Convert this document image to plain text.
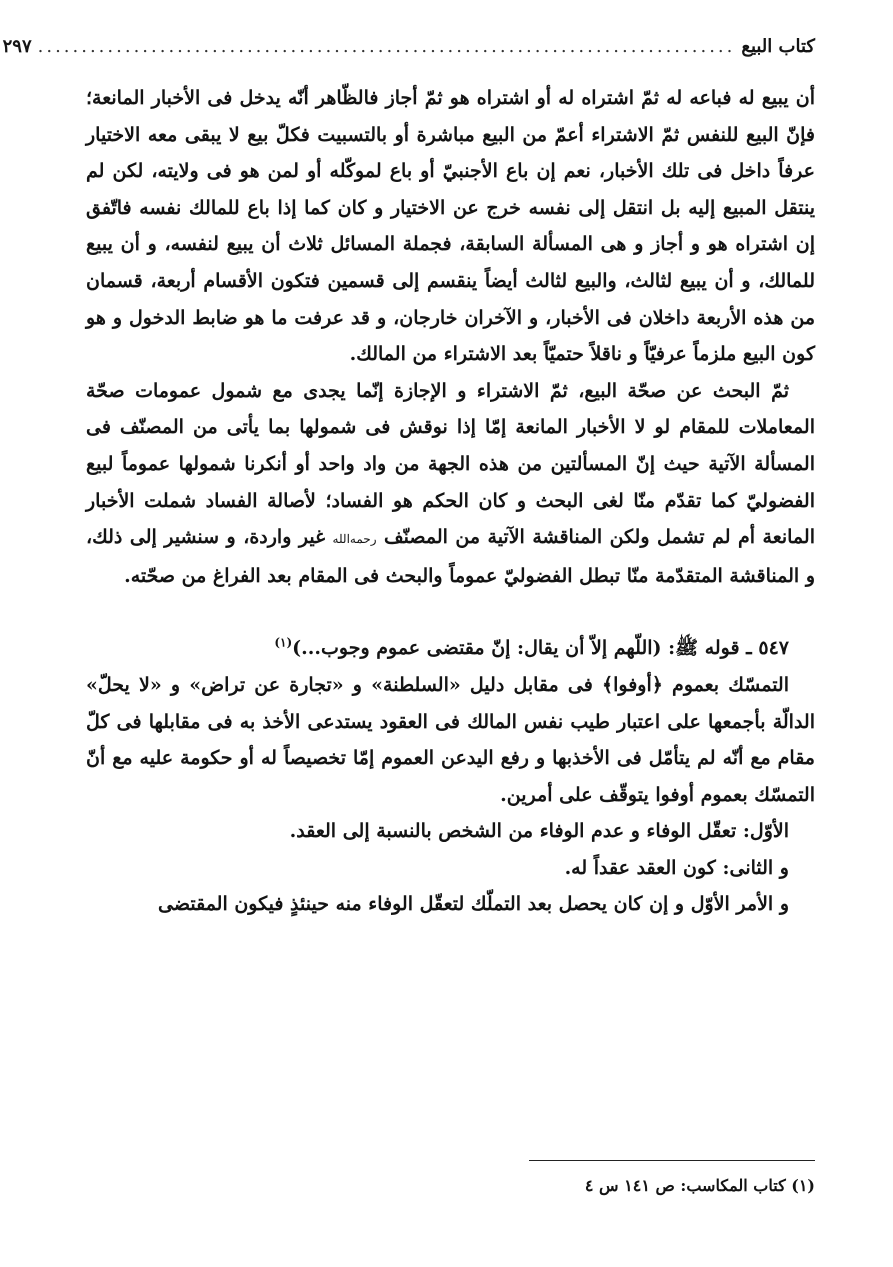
كتاب البيع
................................................................................
٢٩٧

أن يبيع له فباعه له ثمّ اشتراه له أو اشتراه هو ثمّ أجاز فالظّاهر أنّه يدخل فى الأخبار المانعة؛ فإنّ البيع للنفس ثمّ الاشتراء أعمّ من البيع مباشرة أو بالتسبيت فكلّ بيع لا يبقى معه الاختيار عرفاً داخل فى تلك الأخبار، نعم إن باع الأجنبيّ أو باع لموكّله أو لمن هو فى ولايته، لكن لم ينتقل المبيع إليه بل انتقل إلى نفسه خرج عن الاختيار و كان كما إذا باع للمالك نفسه فاتّفق إن اشتراه هو و أجاز و هى المسألة السابقة، فجملة المسائل ثلاث أن يبيع لنفسه، و أن يبيع للمالك، و أن يبيع لثالث، والبيع لثالث أيضاً ينقسم إلى قسمين فتكون الأقسام أربعة، قسمان من هذه الأربعة داخلان فى الأخبار، و الآخران خارجان، و قد عرفت ما هو ضابط الدخول و هو كون البيع ملزماً عرفيّاً و ناقلاً حتميّاً بعد الاشتراء من المالك.

ثمّ البحث عن صحّة البيع، ثمّ الاشتراء و الإجازة إنّما يجدى مع شمول عمومات صحّة المعاملات للمقام لو لا الأخبار المانعة إمّا إذا نوقش فى شمولها بما يأتى من المصنّف فى المسألة الآتية حيث إنّ المسألتين من هذه الجهة من واد واحد أو أنكرنا شمولها عموماً لبيع الفضوليّ كما تقدّم منّا لغى البحث و كان الحكم هو الفساد؛ لأصالة الفساد شملت الأخبار المانعة أم لم تشمل ولكن المناقشة الآتية من المصنّف رحمه‌الله غير واردة، و سنشير إلى ذلك، و المناقشة المتقدّمة منّا تبطل الفضوليّ عموماً والبحث فى المقام بعد الفراغ من صحّته.

٥٤٧ ـ قوله ﷺ: (اللّهم إلاّ أن يقال: إنّ مقتضى عموم وجوب...)$^{(١)}$

التمسّك بعموم ﴿أوفوا﴾ فى مقابل دليل «السلطنة» و «تجارة عن تراض» و «لا يحلّ» الدالّة بأجمعها على اعتبار طيب نفس المالك فى العقود يستدعى الأخذ به فى مقابلها فى كلّ مقام مع أنّه لم يتأمّل فى الأخذبها و رفع اليدعن العموم إمّا تخصيصاً له أو حكومة عليه مع أنّ التمسّك بعموم أوفوا يتوقّف على أمرين.

الأوّل: تعقّل الوفاء و عدم الوفاء من الشخص بالنسبة إلى العقد.

و الثانى: كون العقد عقداً له.

و الأمر الأوّل و إن كان يحصل بعد التملّك لتعقّل الوفاء منه حينئذٍ فيكون المقتضى

(١) كتاب المكاسب: ص ١٤١ س ٤
